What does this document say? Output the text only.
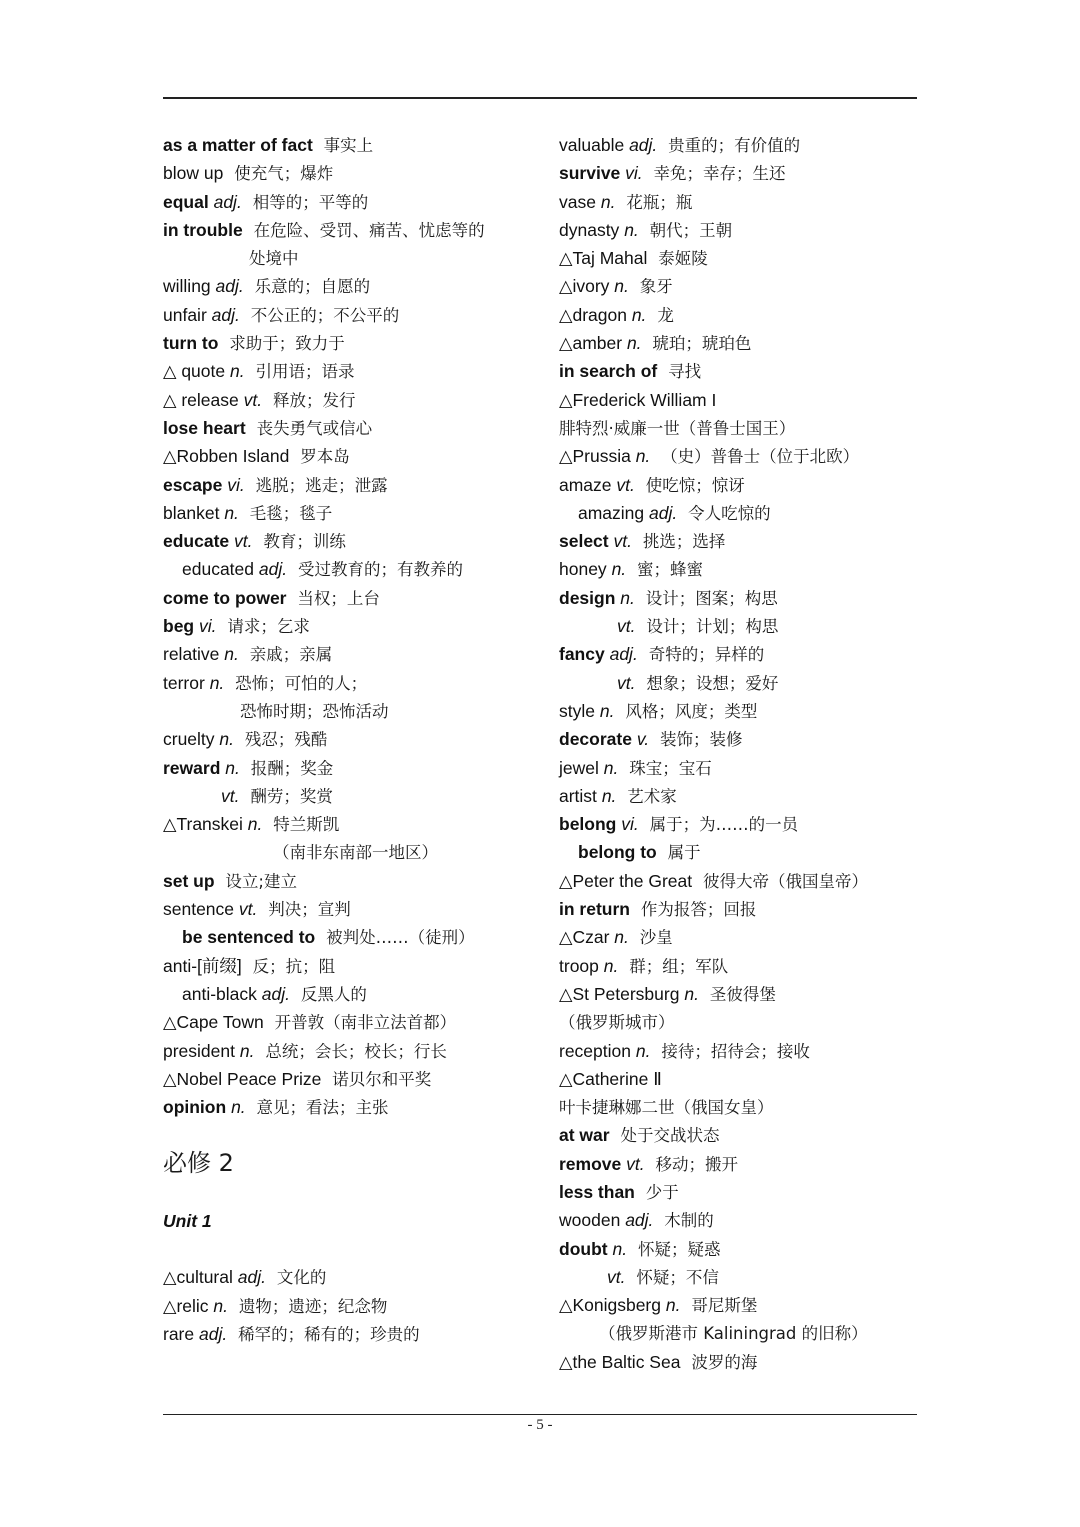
as a matter of fact 事实上
blow up 使充气；爆炸
equal adj. 相等的；平等的
in trouble 在危险、受罚、痛苦、忧虑等的
处境中
willing adj. 乐意的；自愿的
unfair adj. 不公正的；不公平的
turn to 求助于；致力于
△ quote n. 引用语；语录
△ release vt. 释放；发行
lose heart 丧失勇气或信心
△Robben Island 罗本岛
escape vi. 逃脱；逃走；泄露
blanket n. 毛毯；毯子
educate vt. 教育；训练
educated adj. 受过教育的；有教养的
come to power 当权；上台
beg vi. 请求；乞求
relative n. 亲戚；亲属
terror n. 恐怖；可怕的人；
恐怖时期；恐怖活动
cruelty n. 残忍；残酷
reward n. 报酬；奖金
vt. 酬劳；奖赏
△Transkei n. 特兰斯凯
（南非东南部一地区）
set up 设立;建立
sentence vt. 判决；宣判
be sentenced to 被判处……（徒刑）
anti-[前缀] 反；抗；阻
anti-black adj. 反黑人的
△Cape Town 开普敦（南非立法首都）
president n. 总统；会长；校长；行长
△Nobel Peace Prize 诺贝尔和平奖
opinion n. 意见；看法；主张
必修 2
Unit 1
△cultural adj. 文化的
△relic n. 遗物；遗迹；纪念物
rare adj. 稀罕的；稀有的；珍贵的
valuable adj. 贵重的；有价值的
survive vi. 幸免；幸存；生还
vase n. 花瓶；瓶
dynasty n. 朝代；王朝
△Taj Mahal 泰姬陵
△ivory n. 象牙
△dragon n. 龙
△amber n. 琥珀；琥珀色
in search of 寻找
△Frederick William I
腓特烈·威廉一世（普鲁士国王）
△Prussia n. （史）普鲁士（位于北欧）
amaze vt. 使吃惊；惊讶
amazing adj. 令人吃惊的
select vt. 挑选；选择
honey n. 蜜；蜂蜜
design n. 设计；图案；构思
vt. 设计；计划；构思
fancy adj. 奇特的；异样的
vt. 想象；设想；爱好
style n. 风格；风度；类型
decorate v. 装饰；装修
jewel n. 珠宝；宝石
artist n. 艺术家
belong vi. 属于；为……的一员
belong to 属于
△Peter the Great 彼得大帝（俄国皇帝）
in return 作为报答；回报
△Czar n. 沙皇
troop n. 群；组；军队
△St Petersburg n. 圣彼得堡
（俄罗斯城市）
reception n. 接待；招待会；接收
△Catherine Ⅱ
叶卡捷琳娜二世（俄国女皇）
at war 处于交战状态
remove vt. 移动；搬开
less than 少于
wooden adj. 木制的
doubt n. 怀疑；疑惑
vt. 怀疑；不信
△Konigsberg n. 哥尼斯堡
（俄罗斯港市 Kaliningrad 的旧称）
△the Baltic Sea 波罗的海
- 5 -
